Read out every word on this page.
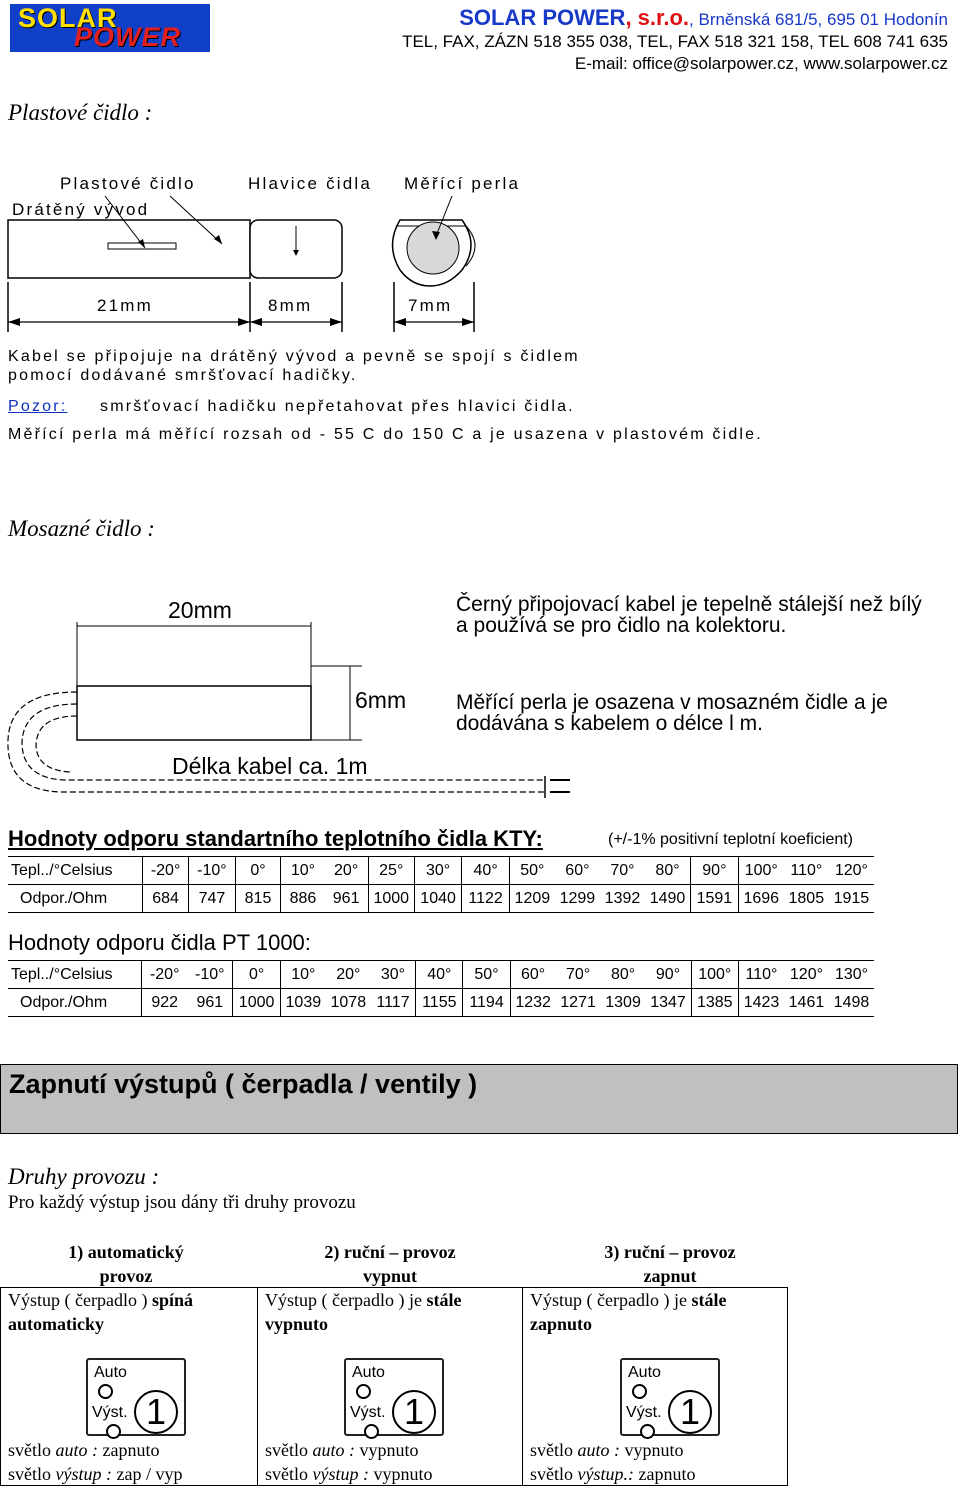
SOLAR
POWER
SOLAR POWER, s.r.o., Brněnská 681/5, 695 01 Hodonín
TEL, FAX, ZÁZN 518 355 038, TEL, FAX 518 321 158, TEL 608 741 635
E-mail: office@solarpower.cz, www.solarpower.cz
Plastové čidlo :
Plastové čidlo	Hlavice čidla Měřící perla
Drátěný vývod
21mm	8mm	7mm
Kabel se připojuje na drátěný vývod a pevně se spojí s čidlem
pomocí dodávané smršťovací hadičky.
Pozor: smršťovací hadičku nepřetahovat přes hlavici čidla.
Měřící perla má měřící rozsah od - 55 C do 150 C a je usazena v plastovém čidle.
Mosazné čidlo :
20mm
6mm
Délka kabel ca. 1m
Černý připojovací kabel je tepelně stálejší než bílý a používá se pro čidlo na kolektoru.
Měřící perla je osazena v mosazném čidle a je dodávána s kabelem o délce l m.
Hodnoty odporu standartního teplotního čidla KTY:	(+/-1% positivní teplotní koeficient)
Tepl../°Celsius	-20°	-10°	0°	10°	20°	25°	30°	40°	50°	60°	70°	80°	90°	100°	110°	120°
Odpor./Ohm	684	747	815	886	961	1000	1040	1122	1209	1299	1392	1490	1591	1696	1805	1915
Hodnoty odporu čidla PT 1000:
Tepl../°Celsius	-20°	-10°	0°	10°	20°	30°	40°	50°	60°	70°	80°	90°	100°	110°	120°	130°
Odpor./Ohm	922	961	1000	1039	1078	1117	1155	1194	1232	1271	1309	1347	1385	1423	1461	1498
Zapnutí výstupů ( čerpadla / ventily )
Druhy provozu :
Pro každý výstup jsou dány tři druhy provozu
1) automatický
provoz
2) ruční – provoz
vypnut
3) ruční – provoz
zapnut
Výstup ( čerpadlo ) spíná
automaticky
Výstup ( čerpadlo ) je stále
vypnuto
Výstup ( čerpadlo ) je stále
zapnuto
Auto
Výst. 1
Auto
Výst. 1
Auto
Výst. 1
světlo auto : zapnuto
světlo výstup : zap / vyp
světlo auto : vypnuto
světlo výstup : vypnuto
světlo auto : vypnuto
světlo výstup.: zapnuto
